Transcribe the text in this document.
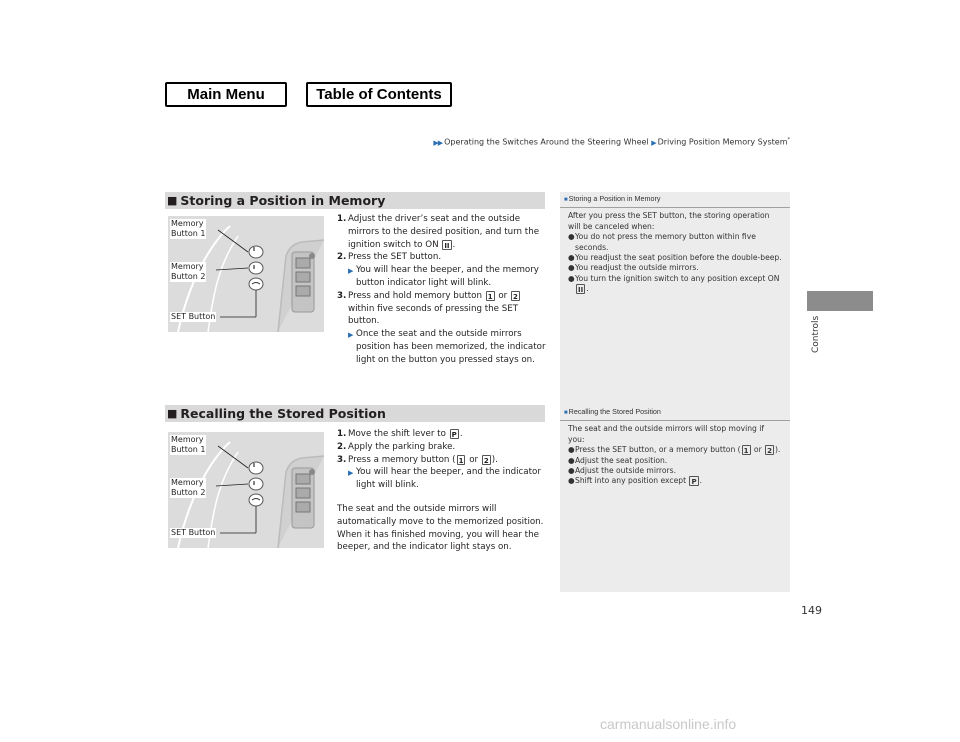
Main Menu	Table of Contents
▶▶ Operating the Switches Around the Steering Wheel ▶ Driving Position Memory System*
Controls
149
■ Storing a Position in Memory
Memory
Button 1
Memory
Button 2
SET Button
1. Adjust the driver’s seat and the outside mirrors to the desired position, and turn the ignition switch to ON II .
2. Press the SET button.
▶ You will hear the beeper, and the memory button indicator light will blink.
3. Press and hold memory button 1 or 2 within five seconds of pressing the SET button.
▶ Once the seat and the outside mirrors position has been memorized, the indicator light on the button you pressed stays on.
■ Recalling the Stored Position
Memory
Button 1
Memory
Button 2
SET Button
1. Move the shift lever to P .
2. Apply the parking brake.
3. Press a memory button ( 1 or 2 ).
▶ You will hear the beeper, and the indicator light will blink.
The seat and the outside mirrors will automatically move to the memorized position. When it has finished moving, you will hear the beeper, and the indicator light stays on.
■Storing a Position in Memory
After you press the SET button, the storing operation will be canceled when:
● You do not press the memory button within five seconds.
● You readjust the seat position before the double-beep.
● You readjust the outside mirrors.
● You turn the ignition switch to any position except ON II .
■Recalling the Stored Position
The seat and the outside mirrors will stop moving if you:
● Press the SET button, or a memory button ( 1 or 2 ).
● Adjust the seat position.
● Adjust the outside mirrors.
● Shift into any position except P .
carmanualsonline.info
